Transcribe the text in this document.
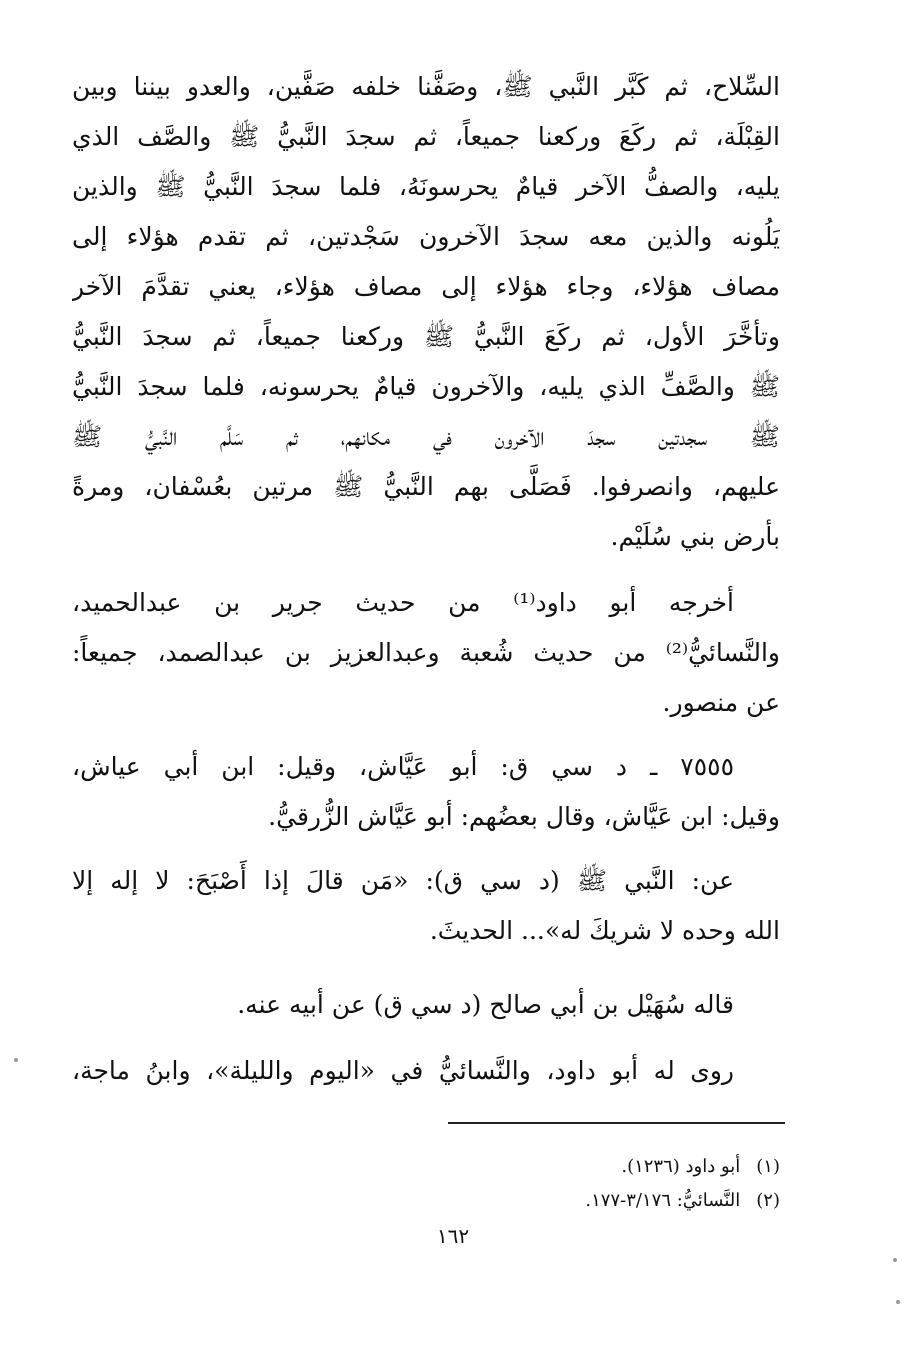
السِّلاح، ثم كَبَّر النَّبي ﷺ، وصَفَّنا خلفه صَفَّين، والعدو بيننا وبين
القِبْلَة، ثم ركَعَ وركعنا جميعاً، ثم سجدَ النَّبيُّ ﷺ والصَّف الذي
يليه، والصفُّ الآخر قيامٌ يحرسونَهُ، فلما سجدَ النَّبيُّ ﷺ والذين
يَلُونه والذين معه سجدَ الآخرون سَجْدتين، ثم تقدم هؤلاء إلى
مصاف هؤلاء، وجاء هؤلاء إلى مصاف هؤلاء، يعني تقدَّمَ الآخر
وتأخَّرَ الأول، ثم ركَعَ النَّبيُّ ﷺ وركعنا جميعاً، ثم سجدَ النَّبيُّ
ﷺ والصَّفِّ الذي يليه، والآخرون قيامٌ يحرسونه، فلما سجدَ النَّبيُّ
ﷺ سجدتين سجدَ الآخرون في مكانهم، ثم سَلَّم النَّبيُّ ﷺ
عليهم، وانصرفوا. فَصَلَّى بهم النَّبيُّ ﷺ مرتين بعُسْفان، ومرةً
بأرض بني سُلَيْم.
أخرجه أبو داود⁽¹⁾ من حديث جرير بن عبدالحميد،
والنَّسائيُّ⁽²⁾ من حديث شُعبة وعبدالعزيز بن عبدالصمد، جميعاً:
عن منصور.
٧٥٥٥ ـ د سي ق: أبو عَيَّاش، وقيل: ابن أبي عياش،
وقيل: ابن عَيَّاش، وقال بعضُهم: أبو عَيَّاش الزُّرقيُّ.
عن: النَّبي ﷺ (د سي ق): «مَن قالَ إذا أَصْبَحَ: لا إله إلا
الله وحده لا شريكَ له»... الحديثَ.
قاله سُهَيْل بن أبي صالح (د سي ق) عن أبيه عنه.
روى له أبو داود، والنَّسائيُّ في «اليوم والليلة»، وابنُ ماجة،
(١) أبو داود (١٢٣٦).
(٢) النَّسائيُّ: ٣/١٧٦-١٧٧.
١٦٢
